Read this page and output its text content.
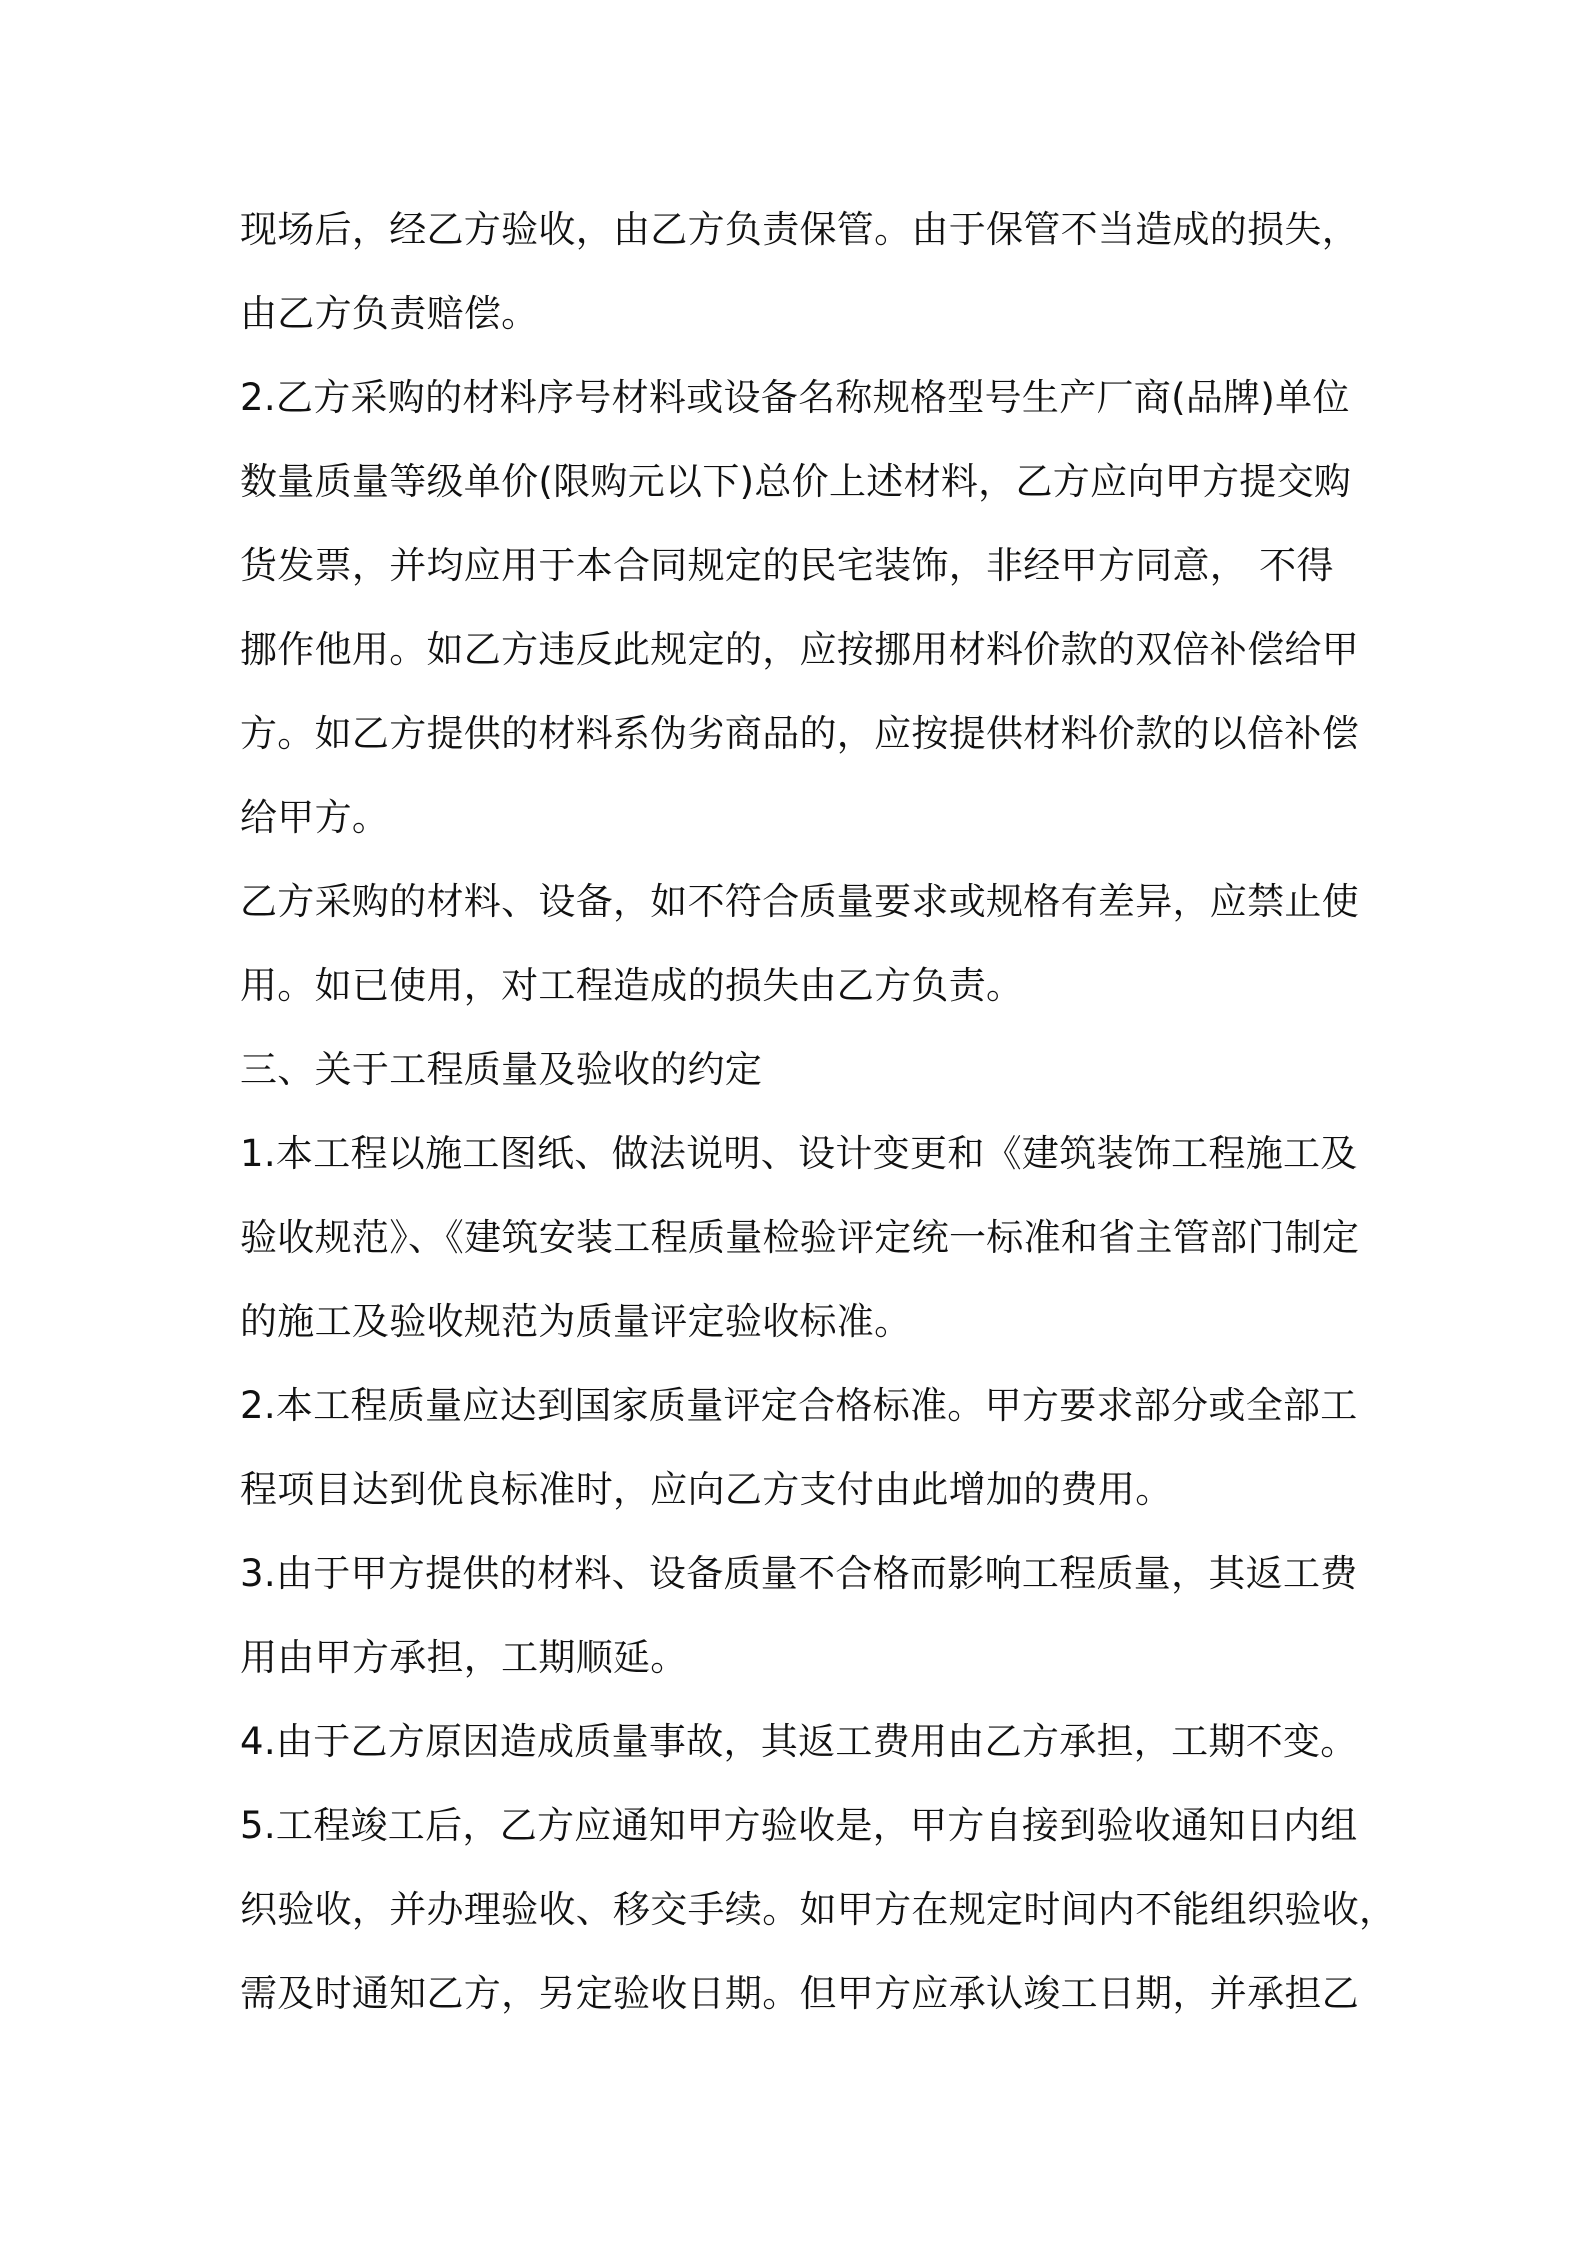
现场后，经乙方验收，由乙方负责保管。由于保管不当造成的损失，
由乙方负责赔偿。
2.乙方采购的材料序号材料或设备名称规格型号生产厂商(品牌)单位
数量质量等级单价(限购元以下)总价上述材料，乙方应向甲方提交购
货发票，并均应用于本合同规定的民宅装饰，非经甲方同意， 不得
挪作他用。如乙方违反此规定的，应按挪用材料价款的双倍补偿给甲
方。如乙方提供的材料系伪劣商品的，应按提供材料价款的以倍补偿
给甲方。
乙方采购的材料、设备，如不符合质量要求或规格有差异，应禁止使
用。如已使用，对工程造成的损失由乙方负责。
三、关于工程质量及验收的约定
1.本工程以施工图纸、做法说明、设计变更和《建筑装饰工程施工及
验收规范》、《建筑安装工程质量检验评定统一标准和省主管部门制定
的施工及验收规范为质量评定验收标准。
2.本工程质量应达到国家质量评定合格标准。甲方要求部分或全部工
程项目达到优良标准时，应向乙方支付由此增加的费用。
3.由于甲方提供的材料、设备质量不合格而影响工程质量，其返工费
用由甲方承担，工期顺延。
4.由于乙方原因造成质量事故，其返工费用由乙方承担，工期不变。
5.工程竣工后，乙方应通知甲方验收是，甲方自接到验收通知日内组
织验收，并办理验收、移交手续。如甲方在规定时间内不能组织验收，
需及时通知乙方，另定验收日期。但甲方应承认竣工日期，并承担乙
